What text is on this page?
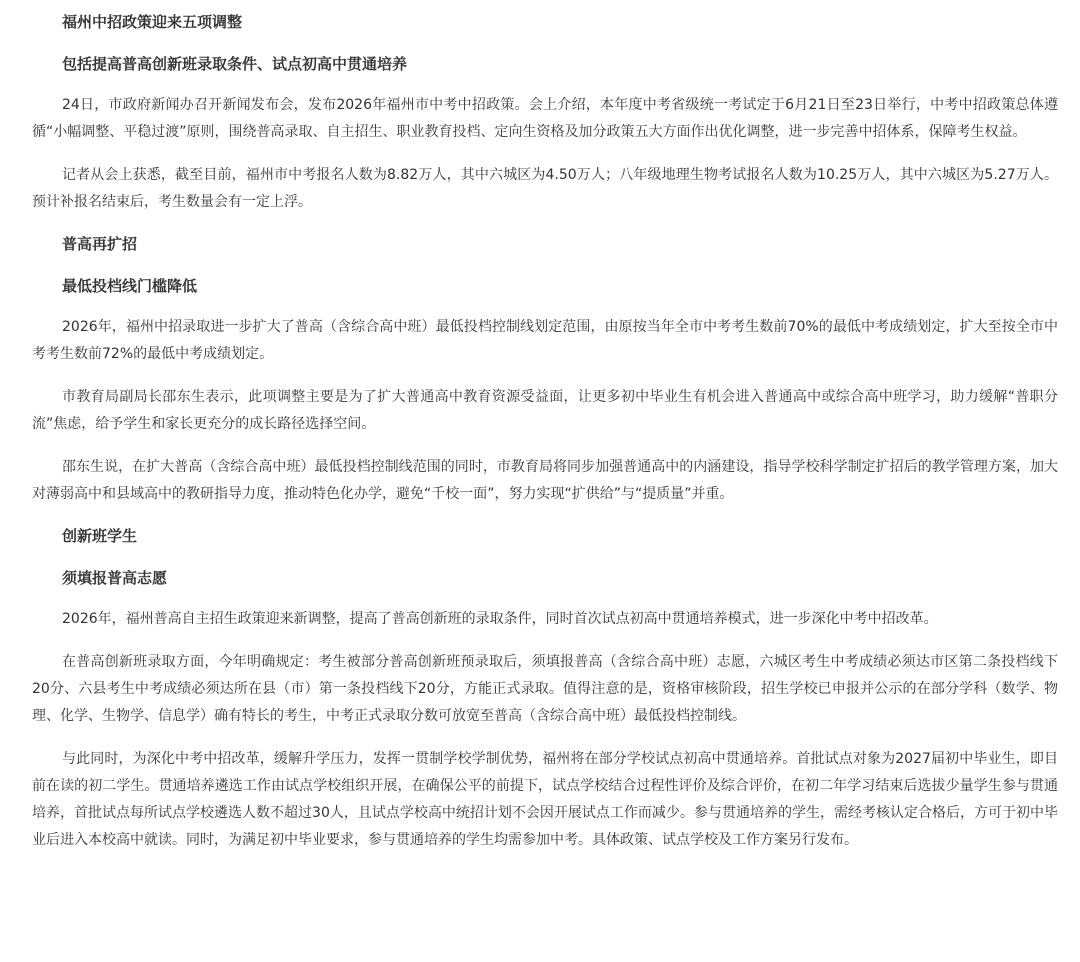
福州中招政策迎来五项调整

包括提高普高创新班录取条件、试点初高中贯通培养

24日，市政府新闻办召开新闻发布会，发布2026年福州市中考中招政策。会上介绍，本年度中考省级统一考试定于6月21日至23日举行，中考中招政策总体遵循“小幅调整、平稳过渡”原则，围绕普高录取、自主招生、职业教育投档、定向生资格及加分政策五大方面作出优化调整，进一步完善中招体系，保障考生权益。

记者从会上获悉，截至目前，福州市中考报名人数为8.82万人，其中六城区为4.50万人；八年级地理生物考试报名人数为10.25万人，其中六城区为5.27万人。预计补报名结束后，考生数量会有一定上浮。

普高再扩招

最低投档线门槛降低

2026年，福州中招录取进一步扩大了普高（含综合高中班）最低投档控制线划定范围，由原按当年全市中考考生数前70%的最低中考成绩划定，扩大至按全市中考考生数前72%的最低中考成绩划定。

市教育局副局长邵东生表示，此项调整主要是为了扩大普通高中教育资源受益面，让更多初中毕业生有机会进入普通高中或综合高中班学习，助力缓解“普职分流”焦虑，给予学生和家长更充分的成长路径选择空间。

邵东生说，在扩大普高（含综合高中班）最低投档控制线范围的同时，市教育局将同步加强普通高中的内涵建设，指导学校科学制定扩招后的教学管理方案，加大对薄弱高中和县域高中的教研指导力度，推动特色化办学，避免“千校一面”，努力实现“扩供给”与“提质量”并重。

创新班学生

须填报普高志愿

2026年，福州普高自主招生政策迎来新调整，提高了普高创新班的录取条件，同时首次试点初高中贯通培养模式，进一步深化中考中招改革。

在普高创新班录取方面，今年明确规定：考生被部分普高创新班预录取后，须填报普高（含综合高中班）志愿，六城区考生中考成绩必须达市区第二条投档线下20分、六县考生中考成绩必须达所在县（市）第一条投档线下20分，方能正式录取。值得注意的是，资格审核阶段，招生学校已申报并公示的在部分学科（数学、物理、化学、生物学、信息学）确有特长的考生，中考正式录取分数可放宽至普高（含综合高中班）最低投档控制线。

与此同时，为深化中考中招改革，缓解升学压力，发挥一贯制学校学制优势，福州将在部分学校试点初高中贯通培养。首批试点对象为2027届初中毕业生，即目前在读的初二学生。贯通培养遴选工作由试点学校组织开展，在确保公平的前提下，试点学校结合过程性评价及综合评价，在初二年学习结束后选拔少量学生参与贯通培养，首批试点每所试点学校遴选人数不超过30人，且试点学校高中统招计划不会因开展试点工作而减少。参与贯通培养的学生，需经考核认定合格后，方可于初中毕业后进入本校高中就读。同时，为满足初中毕业要求，参与贯通培养的学生均需参加中考。具体政策、试点学校及工作方案另行发布。
